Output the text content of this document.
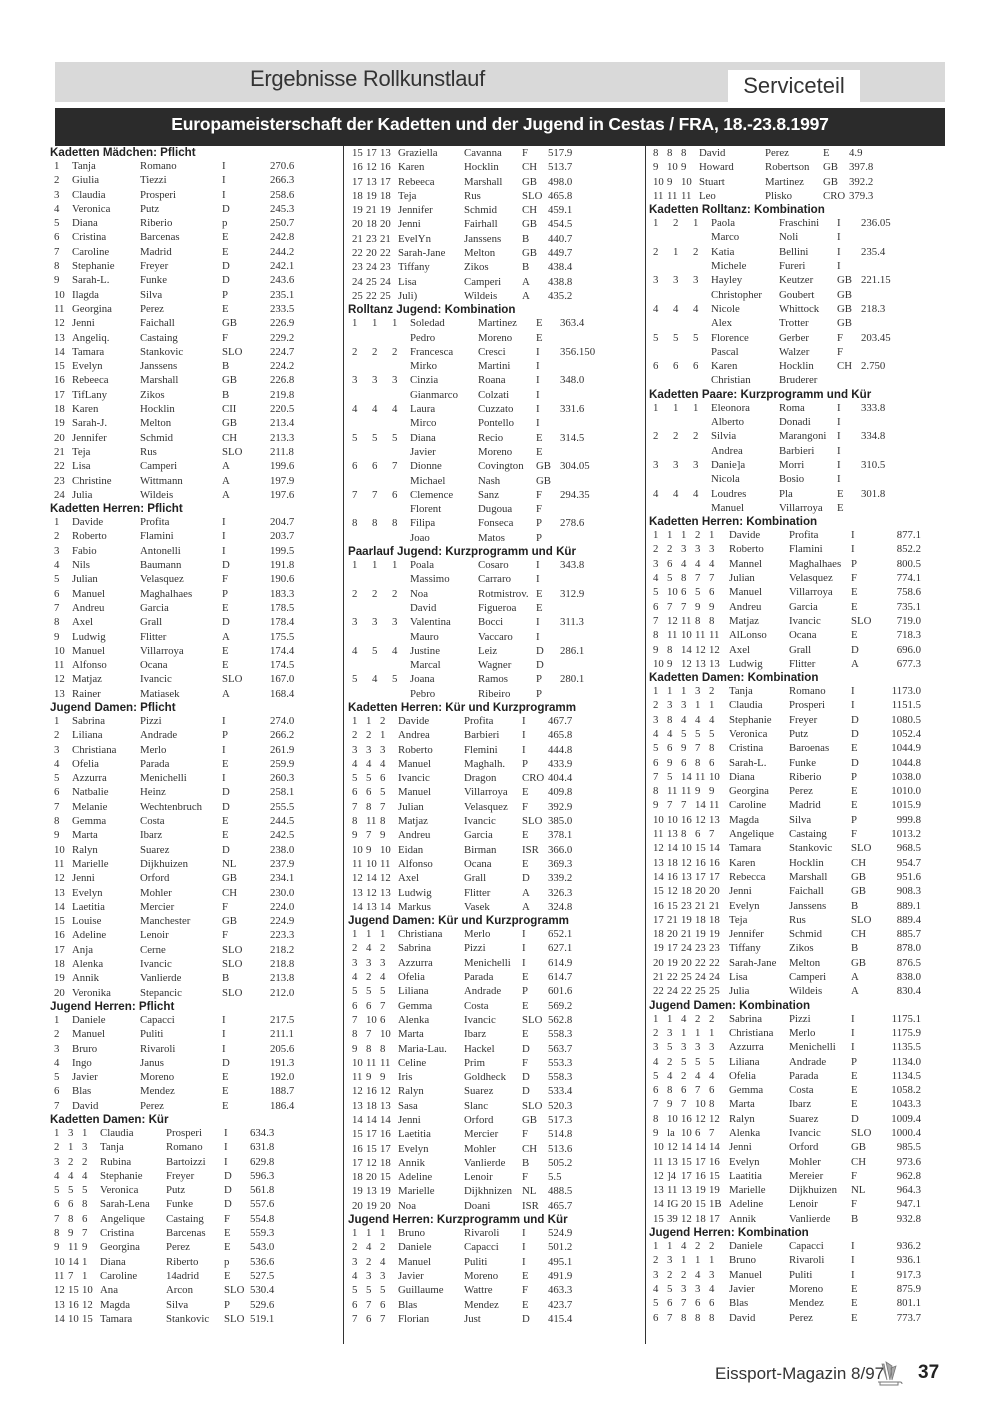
Ergebnisse Rollkunstlauf	Serviceteil
Europameisterschaft der Kadetten und der Jugend in Cestas / FRA, 18.-23.8.1997
Kadetten Mädchen: Pflicht
1	Tanja	Romano	I	270.6
2	Giulia	Tiezzi	I	266.3
3	Claudia	Prosperi	I	258.6
4	Veronica	Putz	D	245.3
5	Diana	Riberio	p	250.7
6	Cristina	Barcenas	E	242.8
7	Caroline	Madrid	E	244.2
8	Stephanie	Freyer	D	242.1
9	Sarah-L.	Funke	D	243.6
10 Ilagda	Silva	P	235.1
11 Georgina	Perez	E	233.5
12 Jenni	Faichall	GB	226.9
13 Angeliq.	Castaing	F	229.2
14 Tamara	Stankovic	SLO	224.7
15 Evelyn	Janssens	B	224.2
16 Rebeeca	Marshall	GB	226.8
17 TifLany	Zikos	B	219.8
18 Karen	Hocklin	CII	220.5
19 Sarah-J.	Melton	GB	213.4
20 Jennifer	Schmid	CH	213.3
21 Teja	Rus	SLO	211.8
22 Lisa	Camperi	A	199.6
23 Christine	Wittmann	A	197.9
24 Julia	Wildeis	A	197.6
Kadetten Herren: Pflicht
1	Davide	Profita	I	204.7
2	Roberto	Flamini	I	203.7
3	Fabio	Antonelli	I	199.5
4	Nils	Baumann	D	191.8
5	Julian	Velasquez	F	190.6
6	Manuel	Maghalhaes	P	183.3
7	Andreu	Garcia	E	178.5
8	Axel	Grall	D	178.4
9	Ludwig	Flitter	A	175.5
10 Manuel	Villarroya	E	174.4
11 Alfonso	Ocana	E	174.5
12 Matjaz	Ivancic	SLO	167.0
13 Rainer	Matiasek	A	168.4
Jugend Damen: Pflicht
1	Sabrina	Pizzi	I	274.0
2	Liliana	Andrade	P	266.2
3	Christiana	Merlo	I	261.9
4	Ofelia	Parada	E	259.9
5	Azzurra	Menichelli	I	260.3
6	Natbalie	Heinz	D	258.1
7	Melanie	Wechtenbruch	D	255.5
8	Gemma	Costa	E	244.5
9	Marta	Ibarz	E	242.5
10 Ralyn	Suarez	D	238.0
11 Marielle	Dijkhuizen	NL	237.9
12 Jenni	Orford	GB	234.1
13 Evelyn	Mohler	CH	230.0
14 Laetitia	Mercier	F	224.0
15 Louise	Manchester	GB	224.9
16 Adeline	Lenoir	F	223.3
17 Anja	Cerne	SLO	218.2
18 Alenka	Ivancic	SLO	218.8
19 Annik	Vanlierde	B	213.8
20 Veronika	Stepancic	SLO	212.0
Jugend Herren: Pflicht
1	Daniele	Capacci	I	217.5
2	Manuel	Puliti	I	211.1
3	Bruro	Rivaroli	I	205.6
4	Ingo	Janus	D	191.3
5	Javier	Moreno	E	192.0
6	Blas	Mendez	E	188.7
7	David	Perez	E	186.4
Kadetten Damen: Kür
1 3 1	Claudia	Prosperi	I	634.3
2 1 3	Tanja	Romano	I	631.8
3 2 2	Rubina	Bartoizzi	I	629.8
4 4 4	Stephanie	Freyer	D	596.3
5 5 5	Veronica	Putz	D	561.8
6 6 8	Sarah-Lena	Funke	D	557.6
7 8 6	Angelique	Castaing	F	554.8
8 9 7	Cristina	Barcenas	E	559.3
9 11 9	Georgina	Perez	E	543.0
10 14 1	Diana	Riberto	p	536.6
11 7 1	Caroline	14adrid	E	527.5
12 15 10 Ana	Arcon	SLO 530.4
13 16 12 Magda	Silva	P	529.6
14 10 15 Tamara	Stankovic	SLO 519.1
15 17 13 Graziella	Cavanna	F	517.9
16 12 16 Karen	Hocklin	CH	513.7
17 13 17 Rebeeca	Marshall	GB	498.0
18 19 18 Teja	Rus	SLO 465.8
19 21 19 Jennifer	Schmid	CH	459.1
20 18 20 Jenni	Fairhall	GB	454.5
21 23 21 EvelYn	Janssens	B	440.7
22 20 22 Sarah-Jane	Melton	GB	449.7
23 24 23 Tiffany	Zikos	B	438.4
24 25 24 Lisa	Camperi	A	438.8
25 22 25 Juli)	Wildeis	A	435.2
Rolltanz Jugend: Kombination
1	1	1	Soledad	Martinez	E	363.4
Pedro	Moreno	E
2	2	2	Francesca	Cresci	I	356.150
Mirko	Martini	I
3	3	3	Cinzia	Roana	I	348.0
Gianmarco	Colzati	I
4	4	4	Laura	Cuzzato	I	331.6
Mirco	Pontello	I
5	5	5	Diana	Recio	E	314.5
Javier	Moreno	E
6	6	7	Dionne	Covington	GB 304.05
Michael	Nash	GB
7	7	6	Clemence	Sanz	F	294.35
Florent	Dugoua	F
8	8	8	Filipa	Fonseca	P	278.6
Joao	Matos	P
Paarlauf Jugend: Kurzprogramm und Kür
1	1	1	Poala	Cosaro	I	343.8
Massimo	Carraro	I
2	2	2	Noa	Rotmistrov. E	312.9
David	Figueroa	E
3	3	3	Valentina	Bocci	I	311.3
Mauro	Vaccaro	I
4	5	4	Justine	Leiz	D	286.1
Marcal	Wagner	D
5	4	5	Joana	Ramos	P	280.1
Pebro	Ribeiro	P
Kadetten Herren: Kür und Kurzprogramm
1 1 2	Davide	Profita	I	467.7
2 2 1	Andrea	Barbieri	I	465.8
3 3 3	Roberto	Flemini	I	444.8
4 4 4	Manuel	Maghalh.	P	433.9
5 5 6	Ivancic	Dragon	CRO 404.4
6 6 5	Manuel	Villarroya	E	409.8
7 8 7	Julian	Velasquez	F	392.9
8 11 8	Matjaz	Ivancic	SLO 385.0
9 7 9	Andreu	Garcia	E	378.1
10 9 10 Eidan	Birman	ISR 366.0
11 10 11 Alfonso	Ocana	E	369.3
12 14 12 Axel	Grall	D	339.2
13 12 13 Ludwig	Flitter	A	326.3
14 13 14 Markus	Vasek	A	324.8
Jugend Damen: Kür und Kurzprogramm
1 1 1	Christiana	Merlo	I	652.1
2 4 2	Sabrina	Pizzi	I	627.1
3 3 3	Azzurra	Menichelli	I	614.9
4 2 4	Ofelia	Parada	E	614.7
5 5 5	Liliana	Andrade	P	601.6
6 6 7	Gemma	Costa	E	569.2
7 10 6	Alenka	Ivancic	SLO 562.8
8 7 10 Marta	Ibarz	E	558.3
9 8 8	Maria-Lau.	Hackel	D	563.7
10 11 11 Celine	Prim	F	553.3
11 9 9	Iris	Goldheck	D	558.3
12 16 12 Ralyn	Suarez	D	533.4
13 18 13 Sasa	Slanc	SLO 520.3
14 14 14 Jenni	Orford	GB	517.3
15 17 16 Laetitia	Mercier	F	514.8
16 15 17 Evelyn	Mohler	CH	513.6
17 12 18 Annik	Vanlierde	B	505.2
18 20 15 Adeline	Lenoir	F	5.5
19 13 19 Marielle	Dijkhnizen NL	488.5
20 19 20 Noa	Doani	ISR 465.7
Jugend Herren: Kurzprogramm und Kür
1 1 1	Bruno	Rivaroli	I	524.9
2 4 2	Daniele	Capacci	I	501.2
3 2 4	Manuel	Puliti	I	495.1
4 3 3	Javier	Moreno	E	491.9
5 5 5	Guillaume	Wattre	F	463.3
6 7 6	Blas	Mendez	E	423.7
7 6 7	Florian	Just	D	415.4
8 8 8	David	Perez	E	4.9
9 10 9	Howard	Robertson	GB	397.8
10 9 10 Stuart	Martinez	GB	392.2
11 11 11 Leo	Plisko	CRO 379.3
Kadetten Rolltanz: Kombination
1	2	1	Paola	Fraschini	I	236.05
Marco	Noli	I
2	1	2	Katia	Bellini	I	235.4
Michele	Fureri	I
3	3	3	Hayley	Keutzer	GB 221.15
Christopher	Goubert	GB
4	4	4	Nicole	Whittock	GB 218.3
Alex	Trotter	GB
5	5	5	Florence	Gerber	F	203.45
Pascal	Walzer	F
6	6	6	Karen	Hocklin	CH 2.750
Christian	Bruderer
Kadetten Paare: Kurzprogramm und Kür
1	1	1	Eleonora	Roma	I	333.8
Alberto	Donadi	I
2	2	2	Silvia	Marangoni I	334.8
Andrea	Barbieri	I
3	3	3	Danie]a	Morri	I	310.5
Nicola	Bosio	I
4	4	4	Loudres	Pla	E	301.8
Manuel	Villarroya	E
Kadetten Herren: Kombination
1 1 1 2 1	Davide	Profita	I	877.1
2 2 3 3 3	Roberto	Flamini	I	852.2
3 6 4 4 4	Mannel	Maghalhaes P	800.5
4 5 8 7 7	Julian	Velasquez	F	774.1
5 10 6 5 6	Manuel	Villarroya	E	758.6
6 7 7 9 9	Andreu	Garcia	E	735.1
7 12 11 8 8	Matjaz	Ivancic	SLO	719.0
8 11 10 11 11 AlLonso	Ocana	E	718.3
9 8 14 12 12 Axel	Grall	D	696.0
10 9 12 13 13 Ludwig	Flitter	A	677.3
Kadetten Damen: Kombination
1 1 1 3 2	Tanja	Romano	I	1173.0
2 3 3 1 1	Claudia	Prosperi	I	1151.5
3 8 4 4 4	Stephanie	Freyer	D	1080.5
4 4 5 5 5	Veronica	Putz	D	1052.4
5 6 9 7 8	Cristina	Baroenas	E	1044.9
6 9 6 8 6	Sarah-L.	Funke	D	1044.8
7 5 14 11 10 Diana	Riberio	P	1038.0
8 11 11 9 9	Georgina	Perez	E	1010.0
9 7 7 14 11 Caroline	Madrid	E	1015.9
10 10 16 12 13 Magda	Silva	P	999.8
11 13 8 6 7	Angelique	Castaing	F	1013.2
12 14 10 15 14 Tamara	Stankovic	SLO	968.5
13 18 12 16 16 Karen	Hocklin	CH	954.7
14 16 13 17 17 Rebecca	Marshall	GB	951.6
15 12 18 20 20 Jenni	Faichall	GB	908.3
16 15 23 21 21 Evelyn	Janssens	B	889.1
17 21 19 18 18 Teja	Rus	SLO	889.4
18 20 21 19 19 Jennifer	Schmid	CH	885.7
19 17 24 23 23 Tiffany	Zikos	B	878.0
20 19 20 22 22 Sarah-Jane	Melton	GB	876.5
21 22 25 24 24 Lisa	Camperi	A	838.0
22 24 22 25 25 Julia	Wildeis	A	830.4
Jugend Damen: Kombination
1 1 4 2 2	Sabrina	Pizzi	I	1175.1
2 3 1 1 1	Christiana	Merlo	I	1175.9
3 5 3 3 3	Azzurra	Menichelli	I	1135.5
4 2 5 5 5	Liliana	Andrade	P	1134.0
5 4 2 4 4	Ofelia	Parada	E	1134.5
6 8 6 7 6	Gemma	Costa	E	1058.2
7 9 7 10 8	Marta	Ibarz	E	1043.3
8 10 16 12 12 Ralyn	Suarez	D	1009.4
9 la 10 6 7	Alenka	Ivancic	SLO	1000.4
10 12 14 14 14 Jenni	Orford	GB	985.5
11 13 15 17 16 Evelyn	Mohler	CH	973.6
12 ]4 17 16 15 Laatitia	Mereier	F	962.8
13 11 13 19 19 Marielle	Dijkhuizen	NL	964.3
14 IG 20 15 1B Adeline	Lenoir	F	947.1
15 39 12 18 17 Annik	Vanlierde	B	932.8
Jugend Herren: Kombination
1 1 4 2 2	Daniele	Capacci	I	936.2
2 3 1 1 1	Bruno	Rivaroli	I	936.1
3 2 2 4 3	Manuel	Puliti	I	917.3
4 5 3 3 4	Javier	Moreno	E	875.9
5 6 7 6 6	Blas	Mendez	E	801.1
6 7 8 8 8	David	Perez	E	773.7
Eissport-Magazin 8/97 37
